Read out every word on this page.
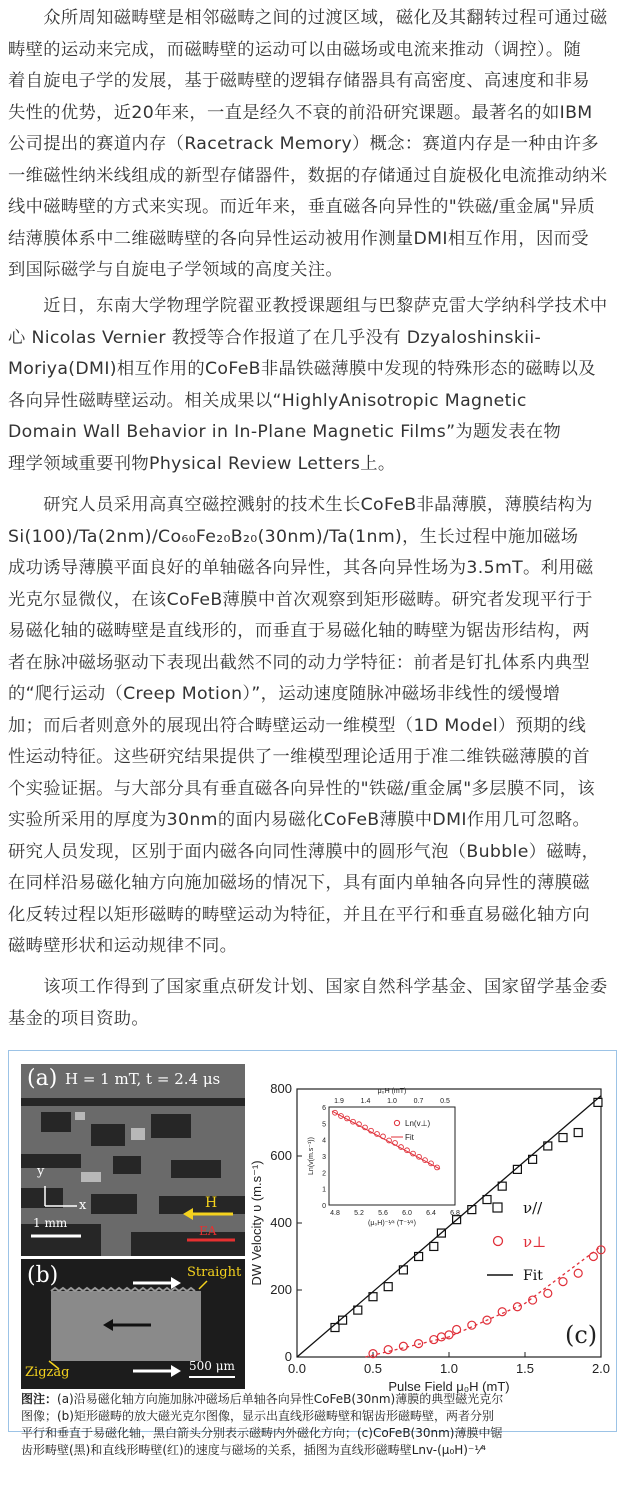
　　众所周知磁畴壁是相邻磁畴之间的过渡区域，磁化及其翻转过程可通过磁
畴壁的运动来完成，而磁畴壁的运动可以由磁场或电流来推动（调控）。随
着自旋电子学的发展，基于磁畴壁的逻辑存储器具有高密度、高速度和非易
失性的优势，近20年来，一直是经久不衰的前沿研究课题。最著名的如IBM
公司提出的赛道内存（Racetrack Memory）概念：赛道内存是一种由许多
一维磁性纳米线组成的新型存储器件，数据的存储通过自旋极化电流推动纳米
线中磁畴壁的方式来实现。而近年来，垂直磁各向异性的"铁磁/重金属"异质
结薄膜体系中二维磁畴壁的各向异性运动被用作测量DMI相互作用，因而受
到国际磁学与自旋电子学领域的高度关注。
　　近日，东南大学物理学院翟亚教授课题组与巴黎萨克雷大学纳科学技术中
心 Nicolas Vernier 教授等合作报道了在几乎没有 Dzyaloshinskii-
Moriya(DMI)相互作用的CoFeB非晶铁磁薄膜中发现的特殊形态的磁畴以及
各向异性磁畴壁运动。相关成果以“HighlyAnisotropic Magnetic
Domain Wall Behavior in In-Plane Magnetic Films”为题发表在物
理学领域重要刊物Physical Review Letters上。
　　研究人员采用高真空磁控溅射的技术生长CoFeB非晶薄膜，薄膜结构为
Si(100)/Ta(2nm)/Co₆₀Fe₂₀B₂₀(30nm)/Ta(1nm)，生长过程中施加磁场
成功诱导薄膜平面良好的单轴磁各向异性，其各向异性场为3.5mT。利用磁
光克尔显微仪，在该CoFeB薄膜中首次观察到矩形磁畴。研究者发现平行于
易磁化轴的磁畴壁是直线形的，而垂直于易磁化轴的畴壁为锯齿形结构，两
者在脉冲磁场驱动下表现出截然不同的动力学特征：前者是钉扎体系内典型
的“爬行运动（Creep Motion）”，运动速度随脉冲磁场非线性的缓慢增
加；而后者则意外的展现出符合畴壁运动一维模型（1D Model）预期的线
性运动特征。这些研究结果提供了一维模型理论适用于准二维铁磁薄膜的首
个实验证据。与大部分具有垂直磁各向异性的"铁磁/重金属"多层膜不同，该
实验所采用的厚度为30nm的面内易磁化CoFeB薄膜中DMI作用几可忽略。
研究人员发现，区别于面内磁各向同性薄膜中的圆形气泡（Bubble）磁畴，
在同样沿易磁化轴方向施加磁场的情况下，具有面内单轴各向异性的薄膜磁
化反转过程以矩形磁畴的畴壁运动为特征，并且在平行和垂直易磁化轴方向
磁畴壁形状和运动规律不同。
　　该项工作得到了国家重点研发计划、国家自然科学基金、国家留学基金委
基金的项目资助。
(a) H = 1 mT, t = 2.4 μs
y
x
1 mm
H
EA
(b)	Straight
Zigzag	500 μm	0.0	0.5	1.0	1.5	2.0
0
200
400
600
800
Pulse Field μ₀H (mT)
DW Velocity υ (m.s⁻¹)
(c)
ν//
ν⊥
Fit
4.8 5.2 5.6 6.0 6.4 6.8
0
1
2
3
4
5
6
1.9 1.4 1.0 0.7 0.5
μ₀H (mT)
(μ₀H)⁻¹⁄⁴ (T⁻¹⁄⁴)
Ln(v(m.s⁻¹))
Ln(v⊥)
Fit
图注：(a)沿易磁化轴方向施加脉冲磁场后单轴各向异性CoFeB(30nm)薄膜的典型磁光克尔
图像；(b)矩形磁畴的放大磁光克尔图像，显示出直线形磁畴壁和锯齿形磁畴壁，两者分别
平行和垂直于易磁化轴，黑白箭头分别表示磁畴内外磁化方向；(c)CoFeB(30nm)薄膜中锯
齿形畴壁(黑)和直线形畴壁(红)的速度与磁场的关系，插图为直线形磁畴壁Lnv-(μ₀H)⁻¹⁄⁴
